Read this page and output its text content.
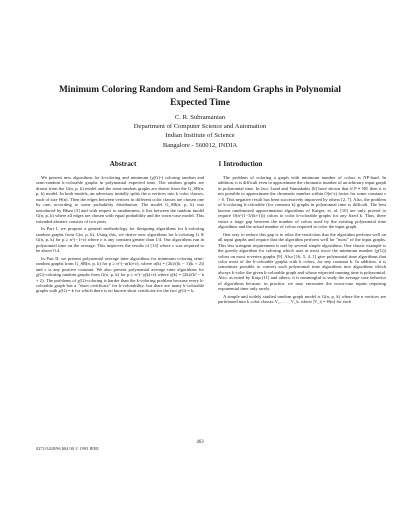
Minimum Coloring Random and Semi-Random Graphs in Polynomial
Expected Time
C. R. Subramanian
Department of Computer Science and Automation
Indian Institute of Science
Bangalore - 560012, INDIA
Abstract	1 Introduction

We present new algorithms for k-coloring and minimum (χ(G)-) coloring random and semi-random k-colorable graphs in polynomial expected time. The random graphs are drawn from the G(n, p, k) model and the semi-random graphs are drawn from the G_SB(n, p, k) model. In both models, an adversary initially splits the n vertices into k color classes, each of size Θ(n). Then the edges between vertices in different color classes are chosen one by one, according to some probability distribution. The model G_SB(n, p, k) was introduced by Blum [3] and with respect to randomness, it lies between the random model G(n, p, k) where all edges are chosen with equal probability and the worst-case model. This extended abstract consists of two parts.

In Part I, we propose a general methodology for designing algorithms for k-coloring random graphs from G(n, p, k). Using this, we derive new algorithms for k-coloring G ∈ G(n, p, k) for p ≥ n^(−1+ε) where ε is any constant greater than 1/4. Our algorithms run in polynomial time on the average. This improves the results of [13] where ε was required to be above 0.4.

In Part II, we present polynomial average time algorithms for minimum coloring semi-random graphs from G_SB(n, p, k) for p ≥ n^(−α(k)+ε), where α(k) = (2k)/((k − 1)(k + 2)) and ε is any positive constant. We also present polynomial average time algorithms for χ(G)-coloring random graphs from G(n, p, k) for p ≥ n^(−γ(k)+ε) where γ(k) = (2k)/(k² − k + 2). The problems of χ(G)-coloring is harder than the k-coloring problem because every k-colorable graph has a "short certificate" for k-colorability, but there are many k-colorable graphs with χ(G) = k for which there is no known short certificate for the fact χ(G) = k.

The problem of coloring a graph with minimum number of colors is NP-hard. In addition, it is difficult even to approximate the chromatic number of an arbitrary input graph in polynomial time. In fact, Lund and Yannakakis [6] have shown that if P ≠ NP, then it is not possible to approximate the chromatic number within O(n^ε) factor for some constant ε > 0. This negative result has been successively improved by others [2, 7]. Also, the problem of k-coloring k-colorable (for constant k) graphs in polynomial time is difficult. The best known randomized approximation algorithms of Karger, et. al. [10] are only proved to require O(n^(1−3/(k+1))) colors to color k-colorable graphs for any fixed k. Thus, there exists a large gap between the number of colors used by the existing polynomial time algorithms and the actual number of colors required to color the input graph.

One way to reduce this gap is to relax the restriction that the algorithm perform well on all input graphs and require that the algorithm perform well for "most" of the input graphs. This less stringent requirement is met by several simple algorithms. One classic example is the greedy algorithm for coloring which uses at most twice the minimum number (χ(G)) colors on most n-vertex graphs [9]. Also [16, 5, 4, 1] give polynomial time algorithms that color most of the k-colorable graphs with k colors, for any constant k. In addition, it is sometimes possible to convert such polynomial time algorithms into algorithms which always k-color the given k-colorable graph and whose expected running time is polynomial. Also, as noted by Karp [11] and others, it is meaningful to study the average case behavior of algorithms because, in practice, we may encounter the worst-case inputs requiring exponential time only rarely.

A simple and widely studied random graph model is G(n, p, k) where the n vertices are partitioned into k color classes V₁, . . . , V_k, where |V_i| = Θ(n) for each

463
0272-5428/96 $04.00 © 1995 IEEE
